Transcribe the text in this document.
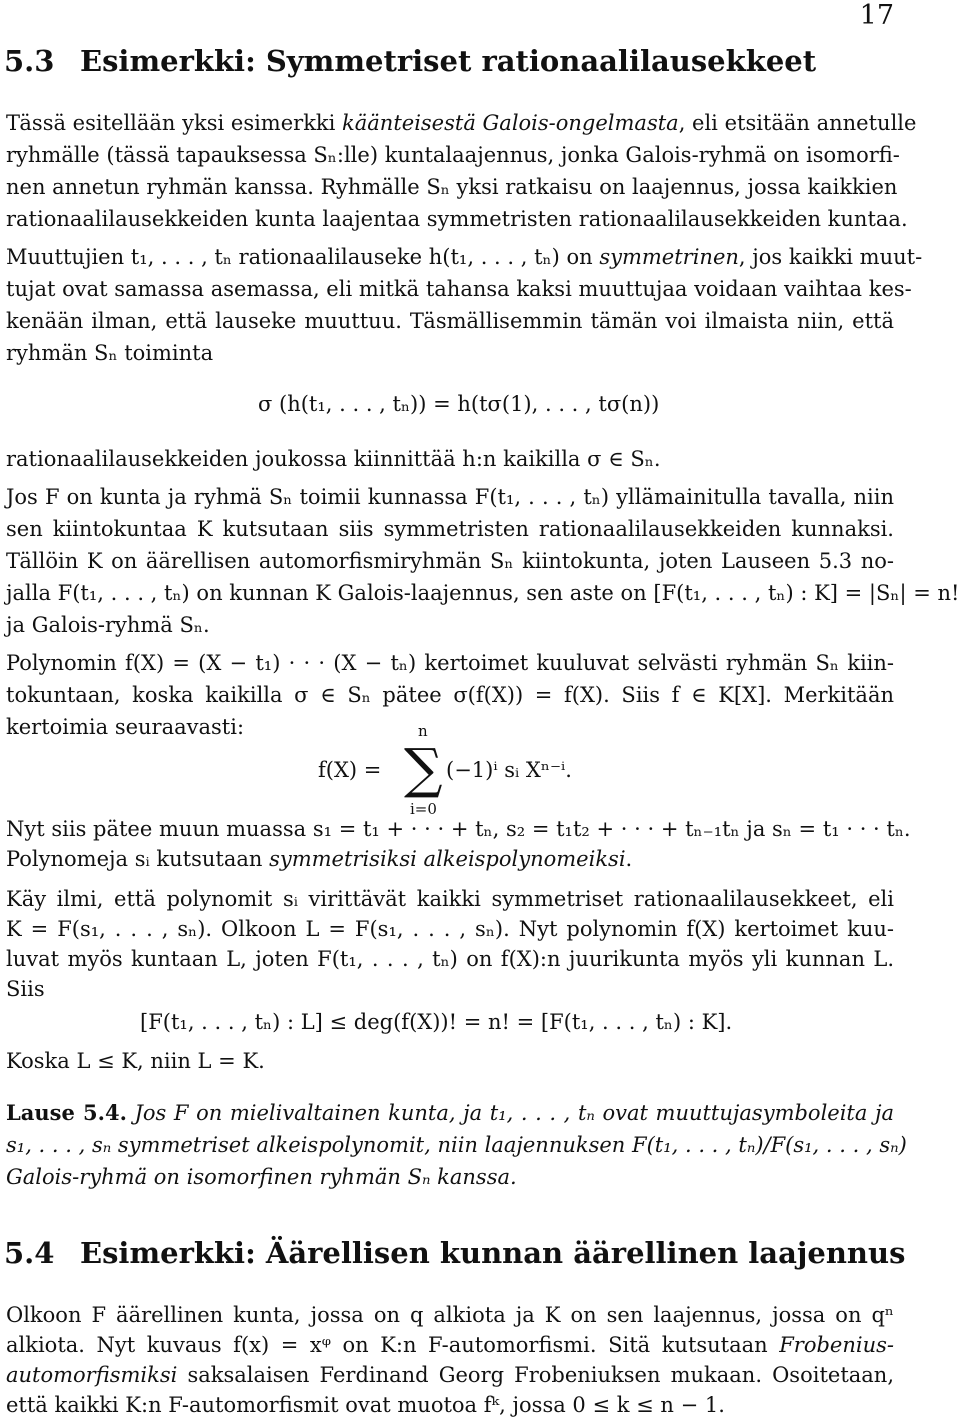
17
5.3 Esimerkki: Symmetriset rationaalilausekkeet
Tässä esitellään yksi esimerkki käänteisestä Galois-ongelmasta, eli etsitään annetulle
ryhmälle (tässä tapauksessa Sₙ:lle) kuntalaajennus, jonka Galois-ryhmä on isomorfi-
nen annetun ryhmän kanssa. Ryhmälle Sₙ yksi ratkaisu on laajennus, jossa kaikkien
rationaalilausekkeiden kunta laajentaa symmetristen rationaalilausekkeiden kuntaa.
Muuttujien t₁, . . . , tₙ rationaalilauseke h(t₁, . . . , tₙ) on symmetrinen, jos kaikki muut-
tujat ovat samassa asemassa, eli mitkä tahansa kaksi muuttujaa voidaan vaihtaa kes-
kenään ilman, että lauseke muuttuu. Täsmällisemmin tämän voi ilmaista niin, että
ryhmän Sₙ toiminta
σ (h(t₁, . . . , tₙ)) = h(tσ(1), . . . , tσ(n))
rationaalilausekkeiden joukossa kiinnittää h:n kaikilla σ ∈ Sₙ.
Jos F on kunta ja ryhmä Sₙ toimii kunnassa F(t₁, . . . , tₙ) yllämainitulla tavalla, niin
sen kiintokuntaa K kutsutaan siis symmetristen rationaalilausekkeiden kunnaksi.
Tällöin K on äärellisen automorfismiryhmän Sₙ kiintokunta, joten Lauseen 5.3 no-
jalla F(t₁, . . . , tₙ) on kunnan K Galois-laajennus, sen aste on [F(t₁, . . . , tₙ) : K] = |Sₙ| = n!
ja Galois-ryhmä Sₙ.
Polynomin f(X) = (X − t₁) · · · (X − tₙ) kertoimet kuuluvat selvästi ryhmän Sₙ kiin-
tokuntaan, koska kaikilla σ ∈ Sₙ pätee σ(f(X)) = f(X). Siis f ∈ K[X]. Merkitään
kertoimia seuraavasti:
f(X) =
n
∑
i=0
(−1)ⁱ sᵢ Xⁿ⁻ⁱ.
Nyt siis pätee muun muassa s₁ = t₁ + · · · + tₙ, s₂ = t₁t₂ + · · · + tₙ₋₁tₙ ja sₙ = t₁ · · · tₙ.
Polynomeja sᵢ kutsutaan symmetrisiksi alkeispolynomeiksi.
Käy ilmi, että polynomit sᵢ virittävät kaikki symmetriset rationaalilausekkeet, eli
K = F(s₁, . . . , sₙ). Olkoon L = F(s₁, . . . , sₙ). Nyt polynomin f(X) kertoimet kuu-
luvat myös kuntaan L, joten F(t₁, . . . , tₙ) on f(X):n juurikunta myös yli kunnan L.
Siis
[F(t₁, . . . , tₙ) : L] ≤ deg(f(X))! = n! = [F(t₁, . . . , tₙ) : K].
Koska L ≤ K, niin L = K.
Lause 5.4. Jos F on mielivaltainen kunta, ja t₁, . . . , tₙ ovat muuttujasymboleita ja
s₁, . . . , sₙ symmetriset alkeispolynomit, niin laajennuksen F(t₁, . . . , tₙ)/F(s₁, . . . , sₙ)
Galois-ryhmä on isomorfinen ryhmän Sₙ kanssa.
5.4 Esimerkki: Äärellisen kunnan äärellinen laajennus
Olkoon F äärellinen kunta, jossa on q alkiota ja K on sen laajennus, jossa on qⁿ
alkiota. Nyt kuvaus f(x) = xᵠ on K:n F-automorfismi. Sitä kutsutaan Frobenius-
automorfismiksi saksalaisen Ferdinand Georg Frobeniuksen mukaan. Osoitetaan,
että kaikki K:n F-automorfismit ovat muotoa fᵏ, jossa 0 ≤ k ≤ n − 1.
